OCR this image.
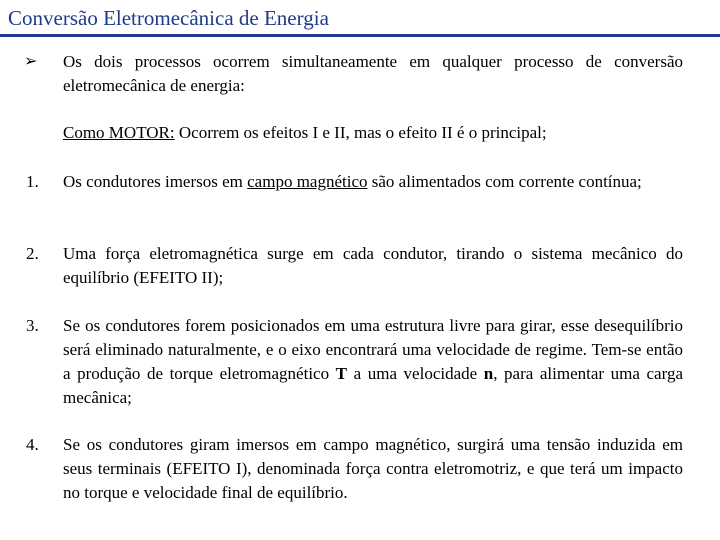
Conversão Eletromecânica de Energia
➢ Os dois processos ocorrem simultaneamente em qualquer processo de conversão eletromecânica de energia:
Como MOTOR: Ocorrem os efeitos I e II, mas o efeito II é o principal;
1. Os condutores imersos em campo magnético são alimentados com corrente contínua;
2. Uma força eletromagnética surge em cada condutor, tirando o sistema mecânico do equilíbrio (EFEITO II);
3. Se os condutores forem posicionados em uma estrutura livre para girar, esse desequilíbrio será eliminado naturalmente, e o eixo encontrará uma velocidade de regime. Tem-se então a produção de torque eletromagnético T a uma velocidade n, para alimentar uma carga mecânica;
4. Se os condutores giram imersos em campo magnético, surgirá uma tensão induzida em seus terminais (EFEITO I), denominada força contra eletromotriz, e que terá um impacto no torque e velocidade final de equilíbrio.
